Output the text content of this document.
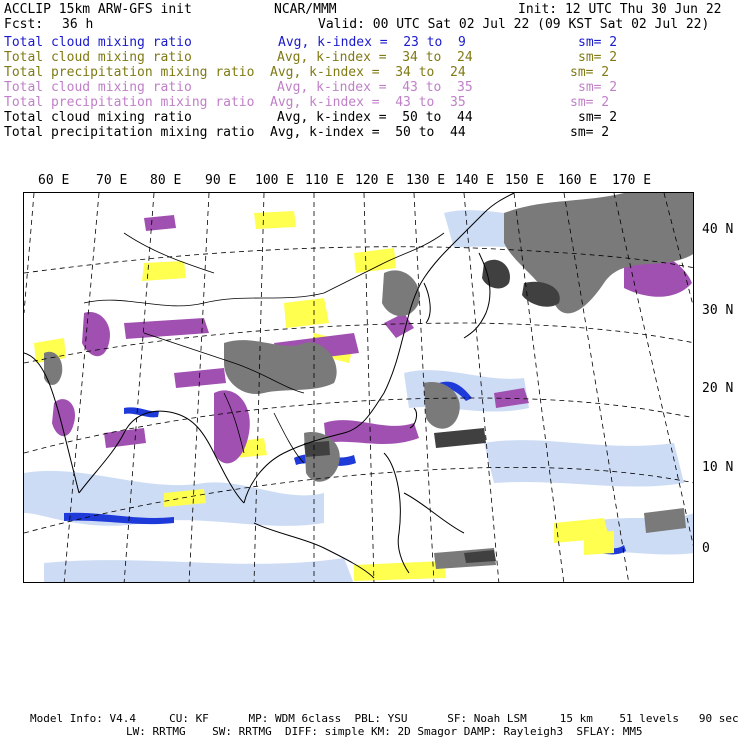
ACCLIP 15km ARW-GFS init	NCAR/MMM	Init: 12 UTC Thu 30 Jun 22
Fcst: 36 h	Valid: 00 UTC Sat 02 Jul 22 (09 KST Sat 02 Jul 22)
Total cloud mixing ratio	Avg, k-index =  23 to  9	sm= 2
Total cloud mixing ratio	Avg, k-index =  34 to  24	sm= 2
Total precipitation mixing ratio Avg, k-index =  34 to  24	sm= 2
Total cloud mixing ratio	Avg, k-index =  43 to  35	sm= 2
Total precipitation mixing ratio Avg, k-index =  43 to  35	sm= 2
Total cloud mixing ratio	Avg, k-index =  50 to  44	sm= 2
Total precipitation mixing ratio Avg, k-index =  50 to  44	sm= 2
60 E 70 E 80 E 90 E 100 E 110 E 120 E 130 E 140 E 150 E 160 E 170 E
40 N
30 N
20 N
10 N
0
Model Info: V4.4     CU: KF      MP: WDM 6class  PBL: YSU      SF: Noah LSM     15 km    51 levels   90 sec
LW: RRTMG    SW: RRTMG  DIFF: simple KM: 2D Smagor DAMP: Rayleigh3  SFLAY: MM5
